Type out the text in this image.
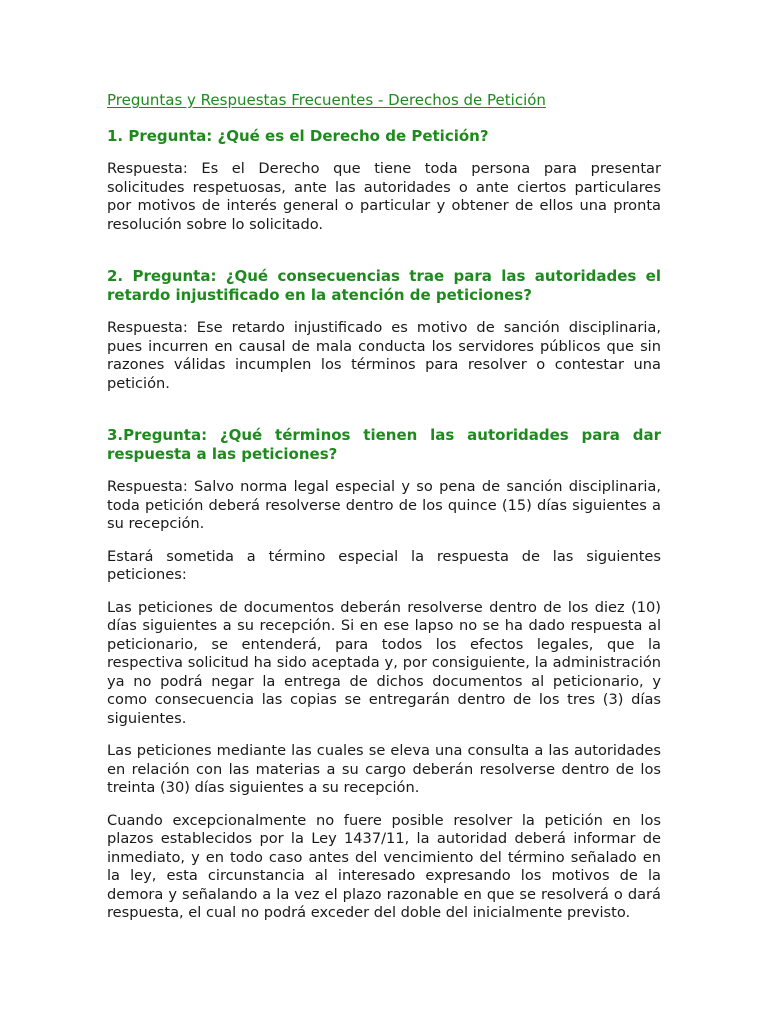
Preguntas y Respuestas Frecuentes - Derechos de Petición
1. Pregunta: ¿Qué es el Derecho de Petición?

Respuesta: Es el Derecho que tiene toda persona para presentar solicitudes respetuosas, ante las autoridades o ante ciertos particulares por motivos de interés general o particular y obtener de ellos una pronta resolución sobre lo solicitado.

2. Pregunta: ¿Qué consecuencias trae para las autoridades el retardo injustificado en la atención de peticiones?

Respuesta: Ese retardo injustificado es motivo de sanción disciplinaria, pues incurren en causal de mala conducta los servidores públicos que sin razones válidas incumplen los términos para resolver o contestar una petición.

3.Pregunta: ¿Qué términos tienen las autoridades para dar respuesta a las peticiones?

Respuesta: Salvo norma legal especial y so pena de sanción disciplinaria, toda petición deberá resolverse dentro de los quince (15) días siguientes a su recepción.

Estará sometida a término especial la respuesta de las siguientes peticiones:

Las peticiones de documentos deberán resolverse dentro de los diez (10) días siguientes a su recepción. Si en ese lapso no se ha dado respuesta al peticionario, se entenderá, para todos los efectos legales, que la respectiva solicitud ha sido aceptada y, por consiguiente, la administración ya no podrá negar la entrega de dichos documentos al peticionario, y como consecuencia las copias se entregarán dentro de los tres (3) días siguientes.

Las peticiones mediante las cuales se eleva una consulta a las autoridades en relación con las materias a su cargo deberán resolverse dentro de los treinta (30) días siguientes a su recepción.

Cuando excepcionalmente no fuere posible resolver la petición en los plazos establecidos por la Ley 1437/11, la autoridad deberá informar de inmediato, y en todo caso antes del vencimiento del término señalado en la ley, esta circunstancia al interesado expresando los motivos de la demora y señalando a la vez el plazo razonable en que se resolverá o dará respuesta, el cual no podrá exceder del doble del inicialmente previsto.
